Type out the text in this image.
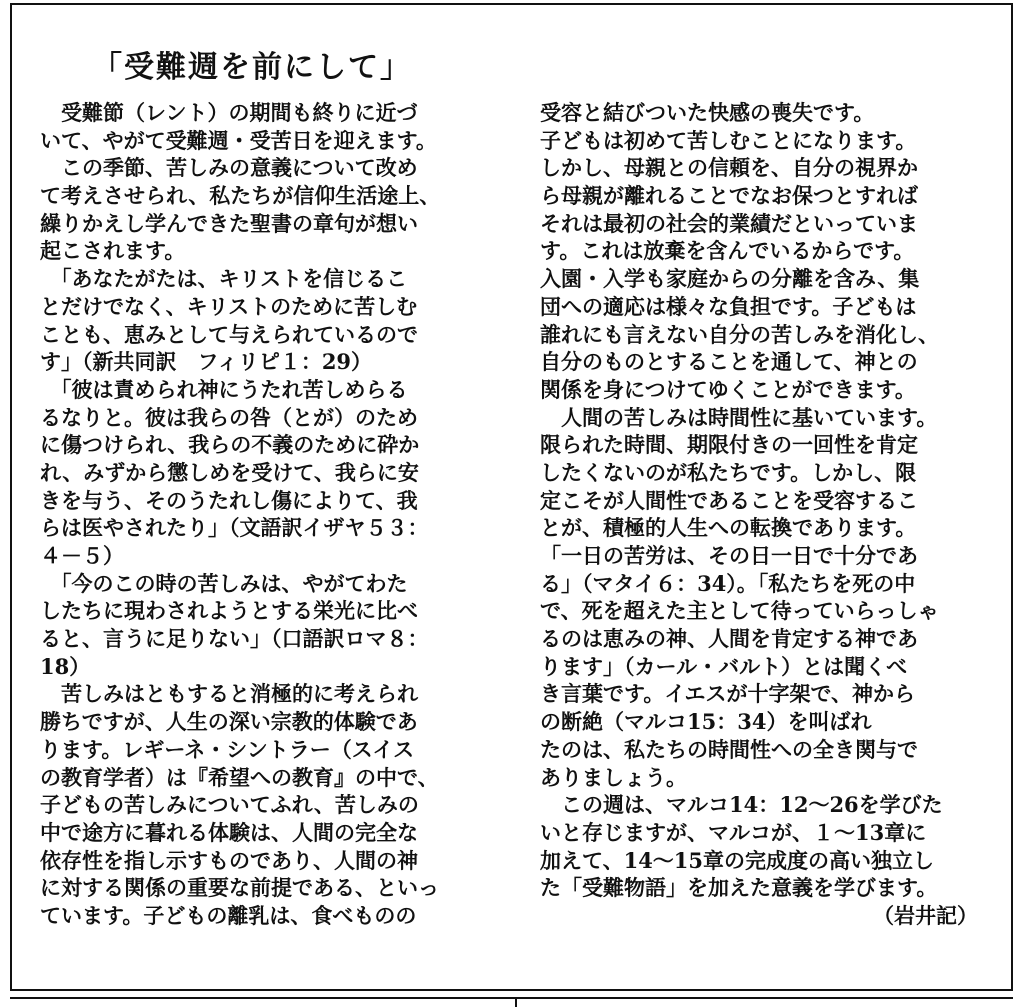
「受難週を前にして」
　受難節（レント）の期間も終りに近づ
いて、やがて受難週・受苦日を迎えます。
　この季節、苦しみの意義について改め
て考えさせられ、私たちが信仰生活途上、
繰りかえし学んできた聖書の章句が想い
起こされます。
　「あなたがたは、キリストを信じるこ
とだけでなく、キリストのために苦しむ
ことも、恵みとして与えられているので
す」（新共同訳　フィリピ１：29）
　「彼は責められ神にうたれ苦しめらる
るなりと。彼は我らの咎（とが）のため
に傷つけられ、我らの不義のために砕か
れ、みずから懲しめを受けて、我らに安
きを与う、そのうたれし傷によりて、我
らは医やされたり」（文語訳イザヤ５３：
４－５）
　「今のこの時の苦しみは、やがてわた
したちに現わされようとする栄光に比べ
ると、言うに足りない」（口語訳ロマ８：
18）
　苦しみはともすると消極的に考えられ
勝ちですが、人生の深い宗教的体験であ
ります。レギーネ・シントラー（スイス
の教育学者）は『希望への教育』の中で、
子どもの苦しみについてふれ、苦しみの
中で途方に暮れる体験は、人間の完全な
依存性を指し示すものであり、人間の神
に対する関係の重要な前提である、といっ
ています。子どもの離乳は、食べものの
受容と結びついた快感の喪失です。
子どもは初めて苦しむことになります。
しかし、母親との信頼を、自分の視界か
ら母親が離れることでなお保つとすれば
それは最初の社会的業績だといっていま
す。これは放棄を含んでいるからです。
入園・入学も家庭からの分離を含み、集
団への適応は様々な負担です。子どもは
誰れにも言えない自分の苦しみを消化し、
自分のものとすることを通して、神との
関係を身につけてゆくことができます。
　人間の苦しみは時間性に基いています。
限られた時間、期限付きの一回性を肯定
したくないのが私たちです。しかし、限
定こそが人間性であることを受容するこ
とが、積極的人生への転換であります。
「一日の苦労は、その日一日で十分であ
る」（マタイ６：34）。「私たちを死の中
で、死を超えた主として待っていらっしゃ
るのは恵みの神、人間を肯定する神であ
ります」（カール・バルト）とは聞くべ
き言葉です。イエスが十字架で、神から
の断絶（マルコ15：34）を叫ばれ
たのは、私たちの時間性への全き関与で
ありましょう。
　この週は、マルコ14：12～26を学びた
いと存じますが、マルコが、１～13章に
加えて、14～15章の完成度の高い独立し
た「受難物語」を加えた意義を学びます。
（岩井記）
